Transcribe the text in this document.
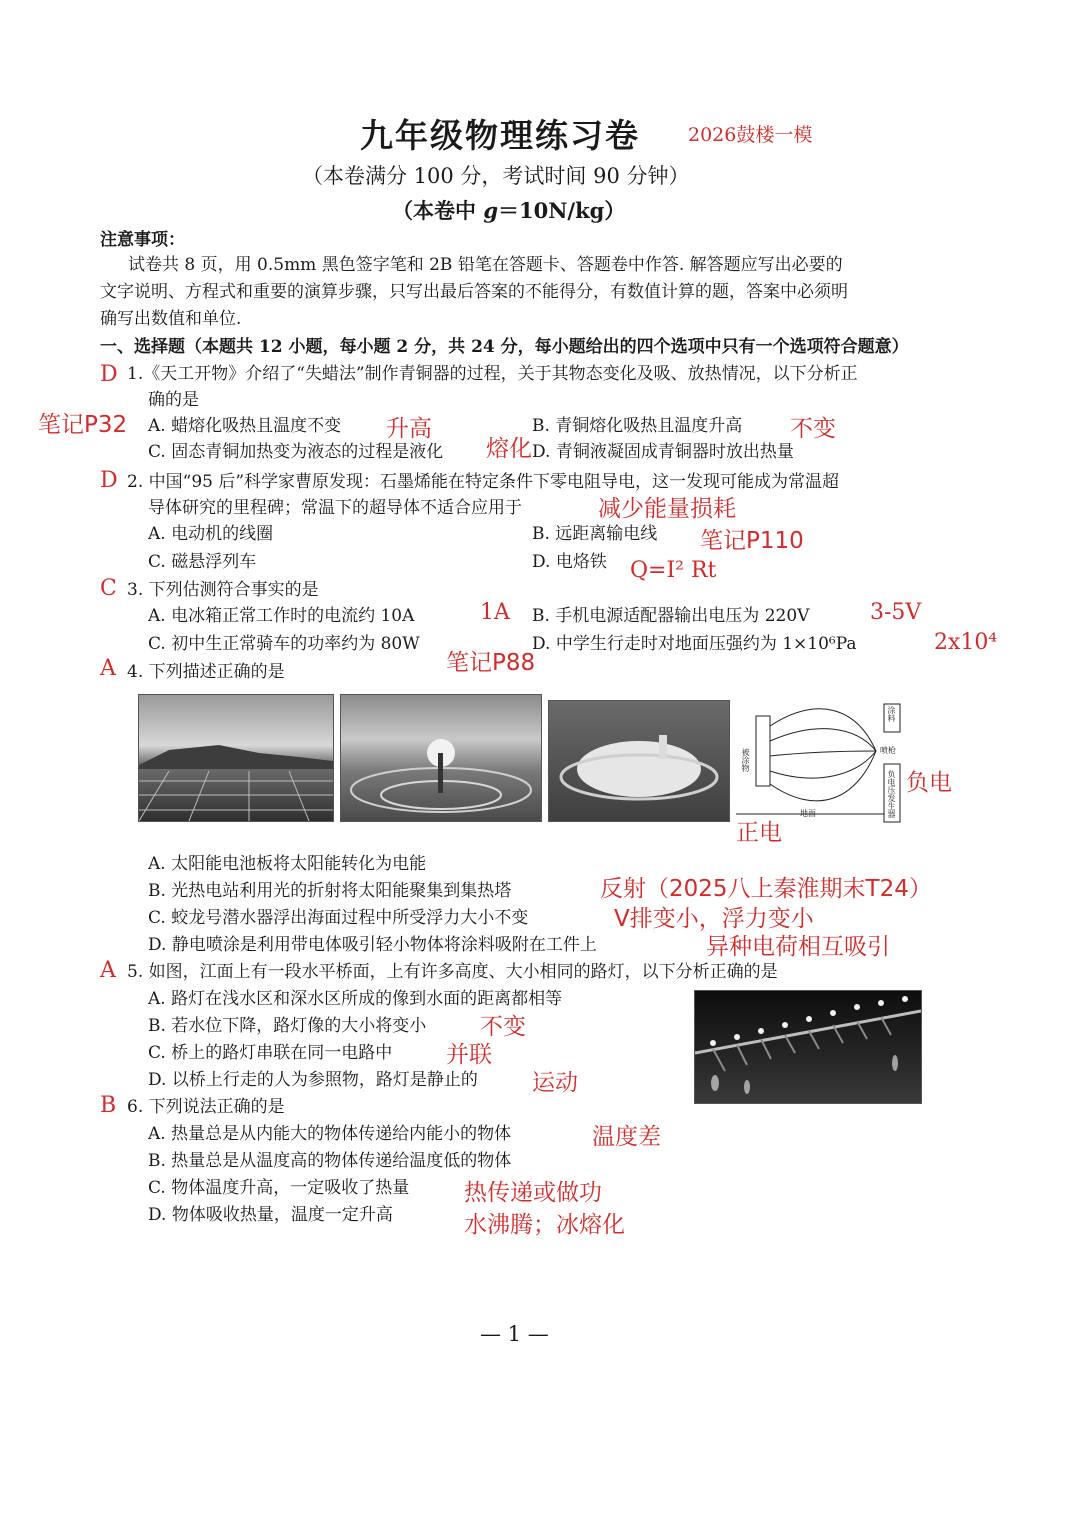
九年级物理练习卷	2026鼓楼一模
（本卷满分 100 分，考试时间 90 分钟）
（本卷中 g＝10N/kg）
注意事项：
试卷共 8 页，用 0.5mm 黑色签字笔和 2B 铅笔在答题卡、答题卷中作答. 解答题应写出必要的
文字说明、方程式和重要的演算步骤，只写出最后答案的不能得分，有数值计算的题，答案中必须明
确写出数值和单位.
一、选择题（本题共 12 小题，每小题 2 分，共 24 分，每小题给出的四个选项中只有一个选项符合题意）
D 1.《天工开物》介绍了“失蜡法”制作青铜器的过程，关于其物态变化及吸、放热情况，以下分析正
确的是
笔记P32 A. 蜡熔化吸热且温度不变 升高	B. 青铜熔化吸热且温度升高 不变
C. 固态青铜加热变为液态的过程是液化 熔化 D. 青铜液凝固成青铜器时放出热量
D 2. 中国“95 后”科学家曹原发现：石墨烯能在特定条件下零电阻导电，这一发现可能成为常温超
导体研究的里程碑；常温下的超导体不适合应用于	减少能量损耗
A. 电动机的线圈	B. 远距离输电线 笔记P110
C. 磁悬浮列车	D. 电烙铁 Q=I² Rt
C 3. 下列估测符合事实的是
A. 电冰箱正常工作时的电流约 10A	1A B. 手机电源适配器输出电压为 220V	3-5V
C. 初中生正常骑车的功率约为 80W
笔记P88
D. 中学生行走时对地面压强约为 1×10⁶Pa	2x10⁴
A 4. 下列描述正确的是
被涂物
涂料
喷枪
负电压发生器
地面
负电
正电
A. 太阳能电池板将太阳能转化为电能
B. 光热电站利用光的折射将太阳能聚集到集热塔	反射（2025八上秦淮期末T24）
C. 蛟龙号潜水器浮出海面过程中所受浮力大小不变	V排变小，浮力变小
D. 静电喷涂是利用带电体吸引轻小物体将涂料吸附在工件上	异种电荷相互吸引
A 5. 如图，江面上有一段水平桥面，上有许多高度、大小相同的路灯，以下分析正确的是
A. 路灯在浅水区和深水区所成的像到水面的距离都相等
B. 若水位下降，路灯像的大小将变小 不变
C. 桥上的路灯串联在同一电路中 并联
D. 以桥上行走的人为参照物，路灯是静止的 运动
B 6. 下列说法正确的是
A. 热量总是从内能大的物体传递给内能小的物体	温度差
B. 热量总是从温度高的物体传递给温度低的物体
C. 物体温度升高，一定吸收了热量 热传递或做功
D. 物体吸收热量，温度一定升高	水沸腾；冰熔化
— 1 —
